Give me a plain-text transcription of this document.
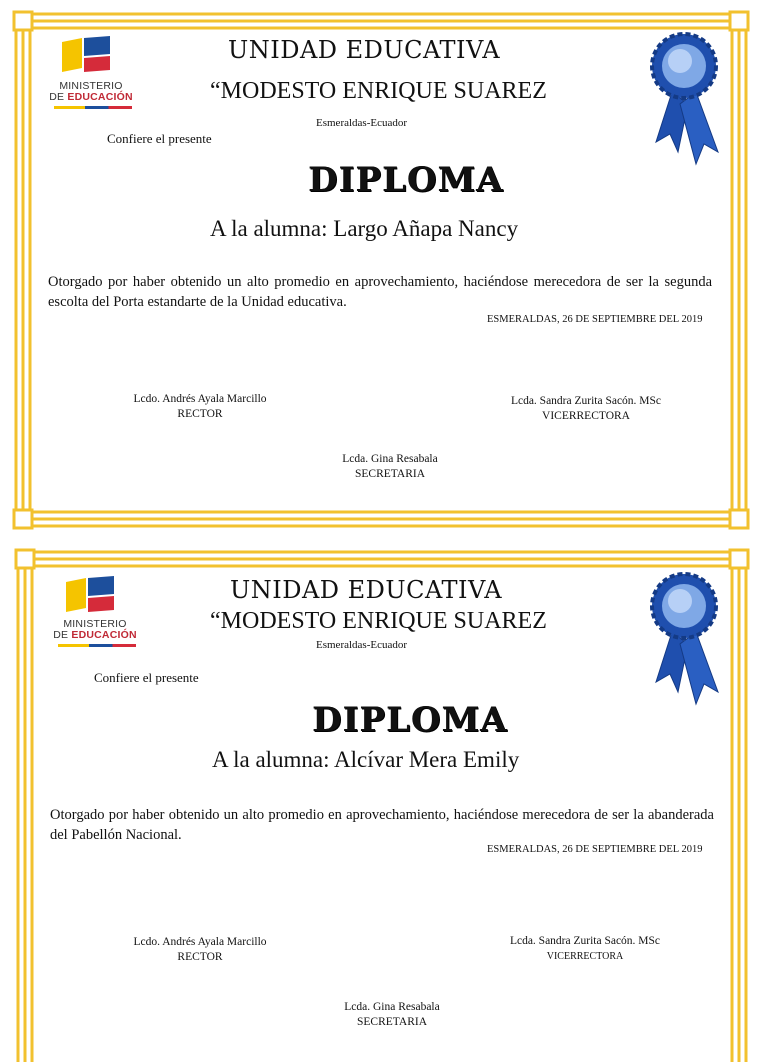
MINISTERIO
DE EDUCACIÓN
UNIDAD EDUCATIVA
“MODESTO ENRIQUE SUAREZ
Esmeraldas-Ecuador
Confiere el presente
DIPLOMA
A la alumna: Largo Añapa Nancy
Otorgado por haber obtenido un alto promedio en aprovechamiento, haciéndose merecedora de ser la segunda escolta del Porta estandarte de la Unidad educativa.
ESMERALDAS, 26 DE SEPTIEMBRE DEL 2019
Lcdo. Andrés Ayala Marcillo
RECTOR
Lcda. Sandra Zurita Sacón. MSc
VICERRECTORA
Lcda. Gina Resabala
SECRETARIA
MINISTERIO
DE EDUCACIÓN
UNIDAD EDUCATIVA
“MODESTO ENRIQUE SUAREZ
Esmeraldas-Ecuador
Confiere el presente
DIPLOMA
A la alumna: Alcívar Mera Emily
Otorgado por haber obtenido un alto promedio en aprovechamiento, haciéndose merecedora de ser la abanderada del Pabellón Nacional.
ESMERALDAS, 26 DE SEPTIEMBRE DEL 2019
Lcdo. Andrés Ayala Marcillo
RECTOR
Lcda. Sandra Zurita Sacón. MSc
VICERRECTORA
Lcda. Gina Resabala
SECRETARIA
